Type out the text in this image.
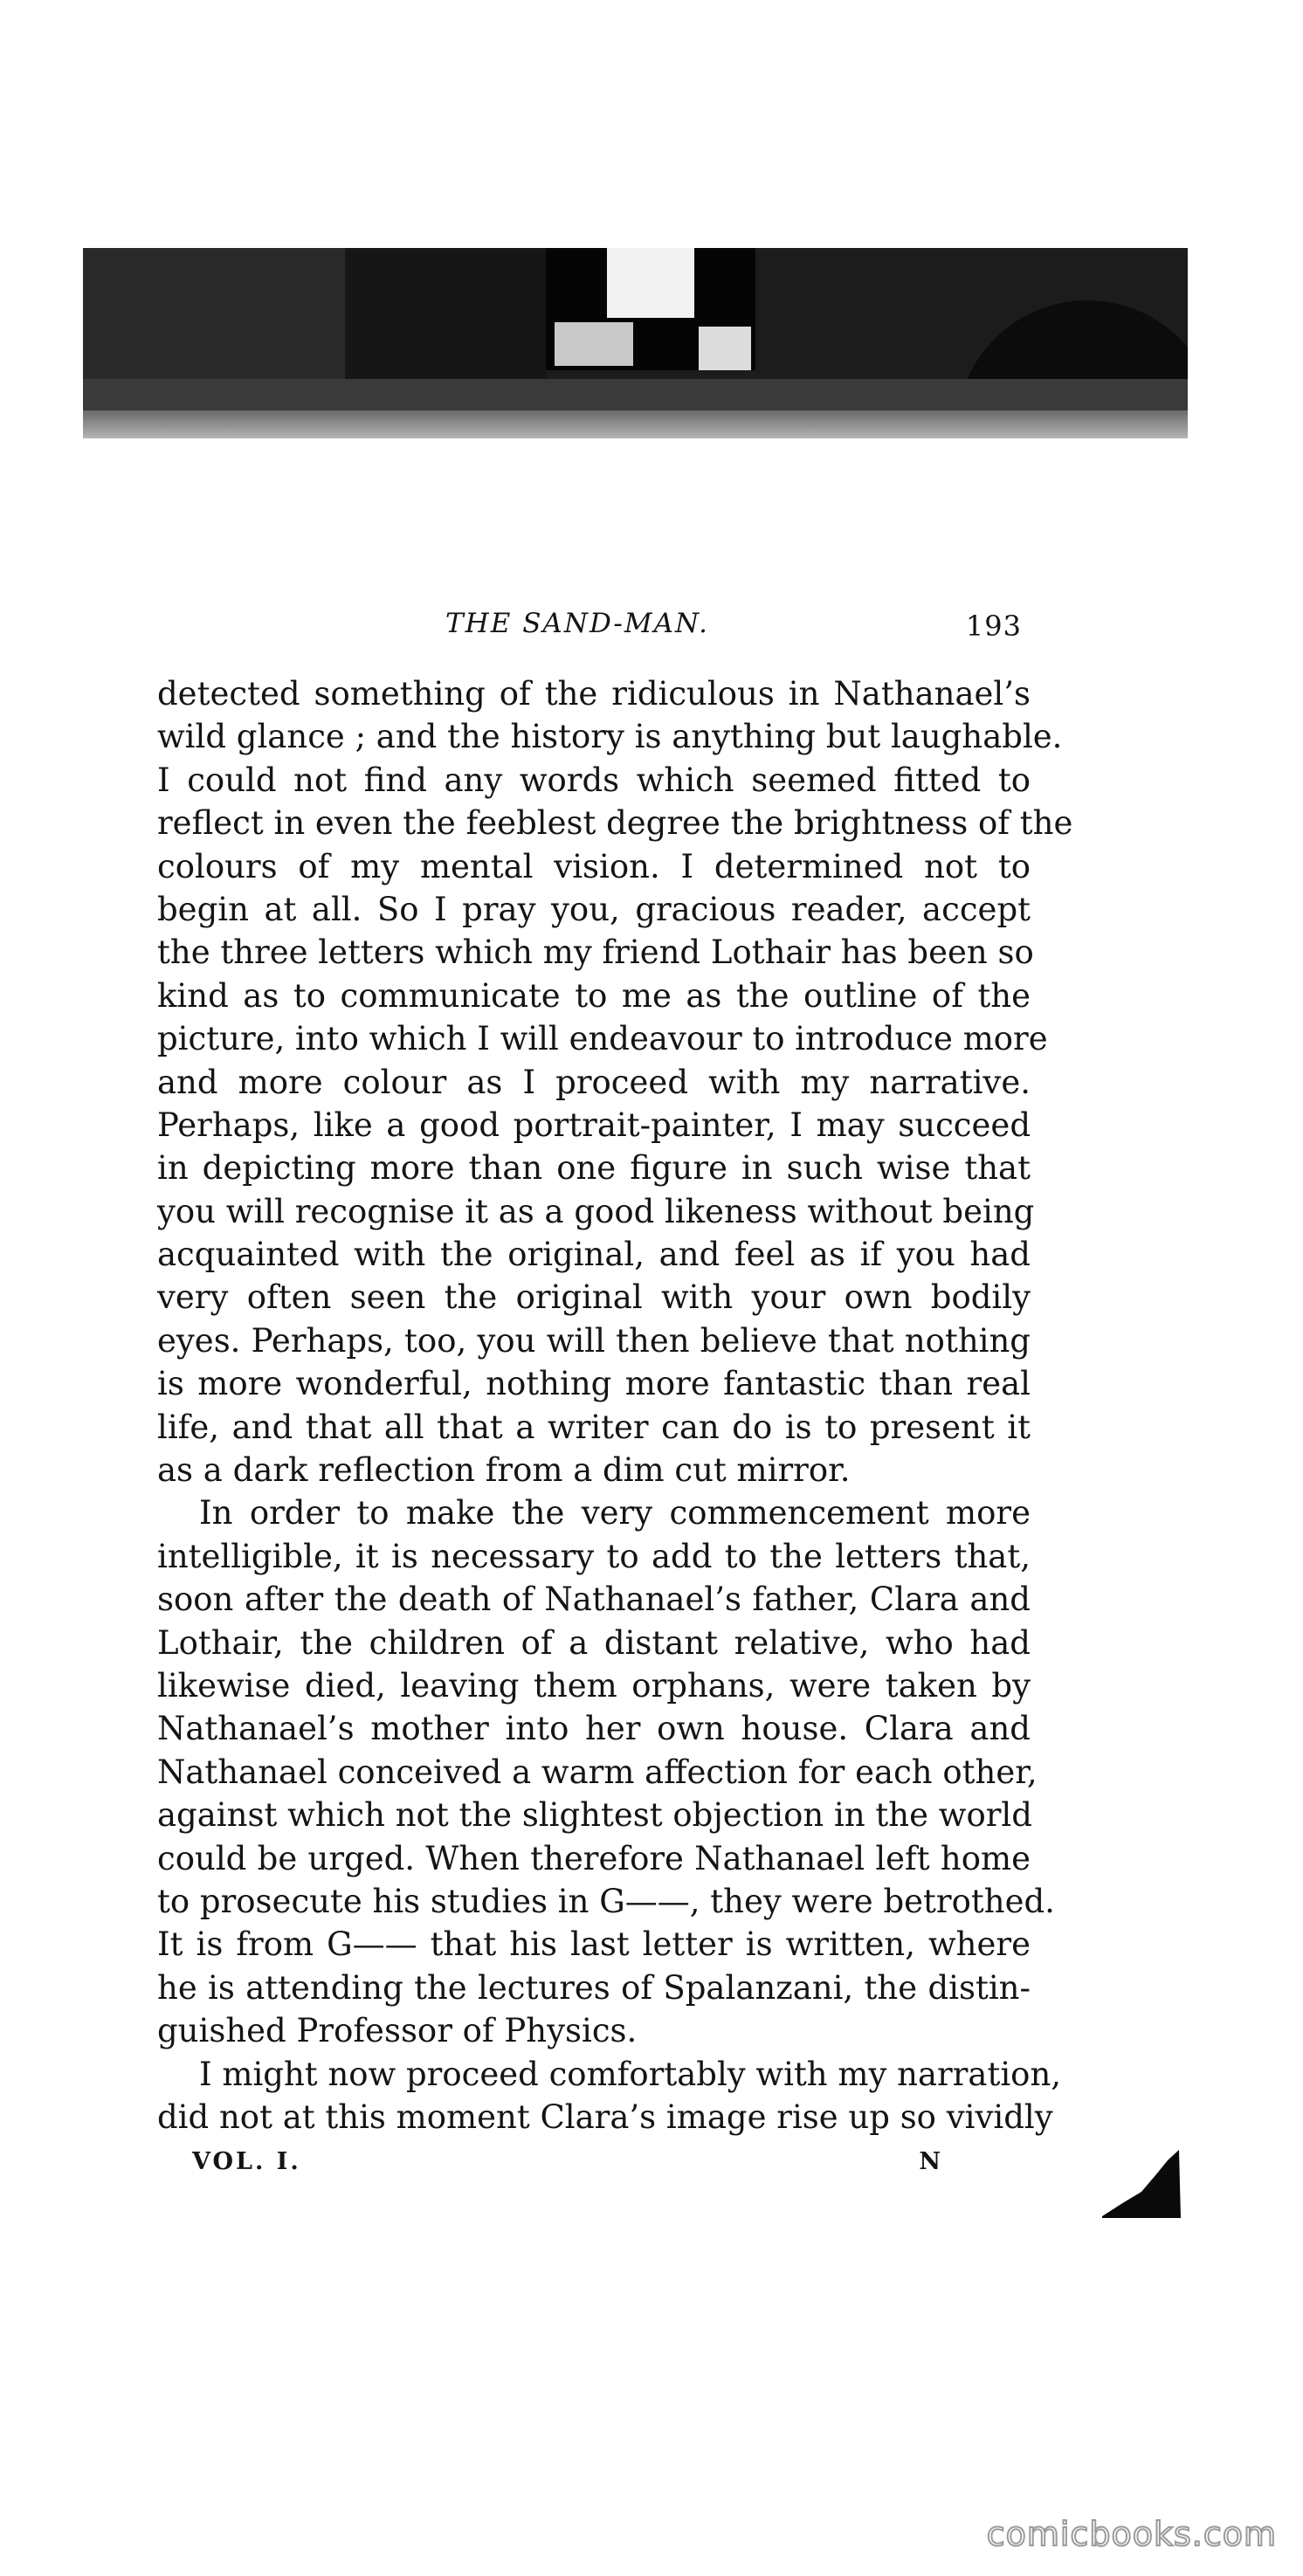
THE SAND-MAN.	193

detected something of the ridiculous in Nathanael’s
wild glance ; and the history is anything but laughable.
I could not find any words which seemed fitted to
reflect in even the feeblest degree the brightness of the
colours of my mental vision. I determined not to
begin at all. So I pray you, gracious reader, accept
the three letters which my friend Lothair has been so
kind as to communicate to me as the outline of the
picture, into which I will endeavour to introduce more
and more colour as I proceed with my narrative.
Perhaps, like a good portrait-painter, I may succeed
in depicting more than one figure in such wise that
you will recognise it as a good likeness without being
acquainted with the original, and feel as if you had
very often seen the original with your own bodily
eyes. Perhaps, too, you will then believe that nothing
is more wonderful, nothing more fantastic than real
life, and that all that a writer can do is to present it
as a dark reflection from a dim cut mirror.

In order to make the very commencement more
intelligible, it is necessary to add to the letters that,
soon after the death of Nathanael’s father, Clara and
Lothair, the children of a distant relative, who had
likewise died, leaving them orphans, were taken by
Nathanael’s mother into her own house. Clara and
Nathanael conceived a warm affection for each other,
against which not the slightest objection in the world
could be urged. When therefore Nathanael left home
to prosecute his studies in G——, they were betrothed.
It is from G—— that his last letter is written, where
he is attending the lectures of Spalanzani, the distin-
guished Professor of Physics.

I might now proceed comfortably with my narration,
did not at this moment Clara’s image rise up so vividly

VOL. I.	N
comicbooks.com
